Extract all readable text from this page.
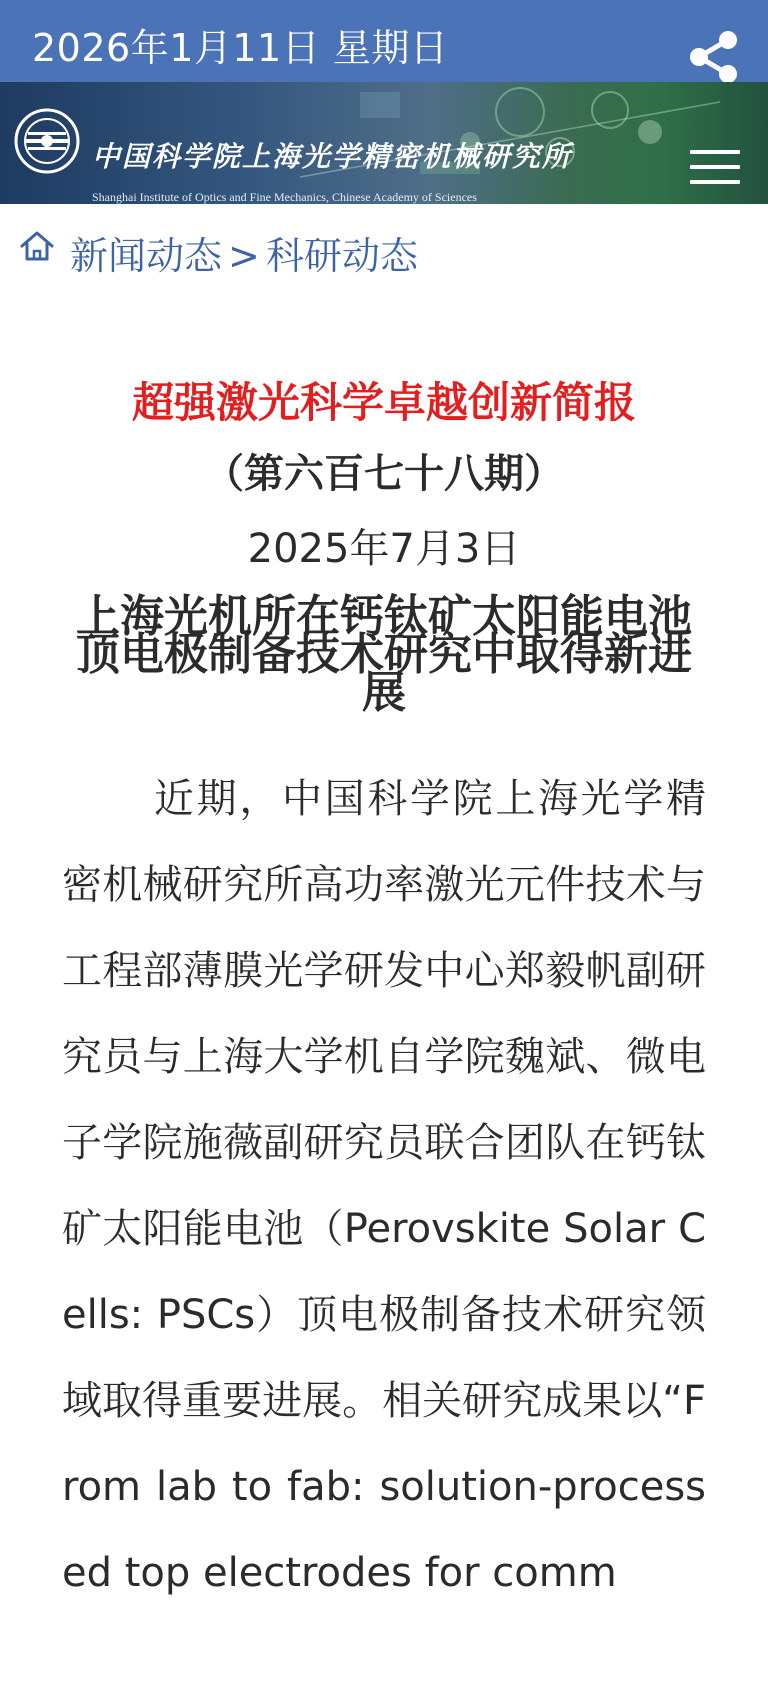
2026年1月11日 星期日
中国科学院上海光学精密机械研究所
Shanghai Institute of Optics and Fine Mechanics, Chinese Academy of Sciences
新闻动态 > 科研动态
超强激光科学卓越创新简报
（第六百七十八期）
2025年7月3日
上海光机所在钙钛矿太阳能电池顶电极制备技术研究中取得新进展

近期，中国科学院上海光学精密机械研究所高功率激光元件技术与工程部薄膜光学研发中心郑毅帆副研究员与上海大学机自学院魏斌、微电子学院施薇副研究员联合团队在钙钛矿太阳能电池（Perovskite Solar Cells: PSCs）顶电极制备技术研究领域取得重要进展。相关研究成果以“From lab to fab: solution-processed top electrodes for comm
